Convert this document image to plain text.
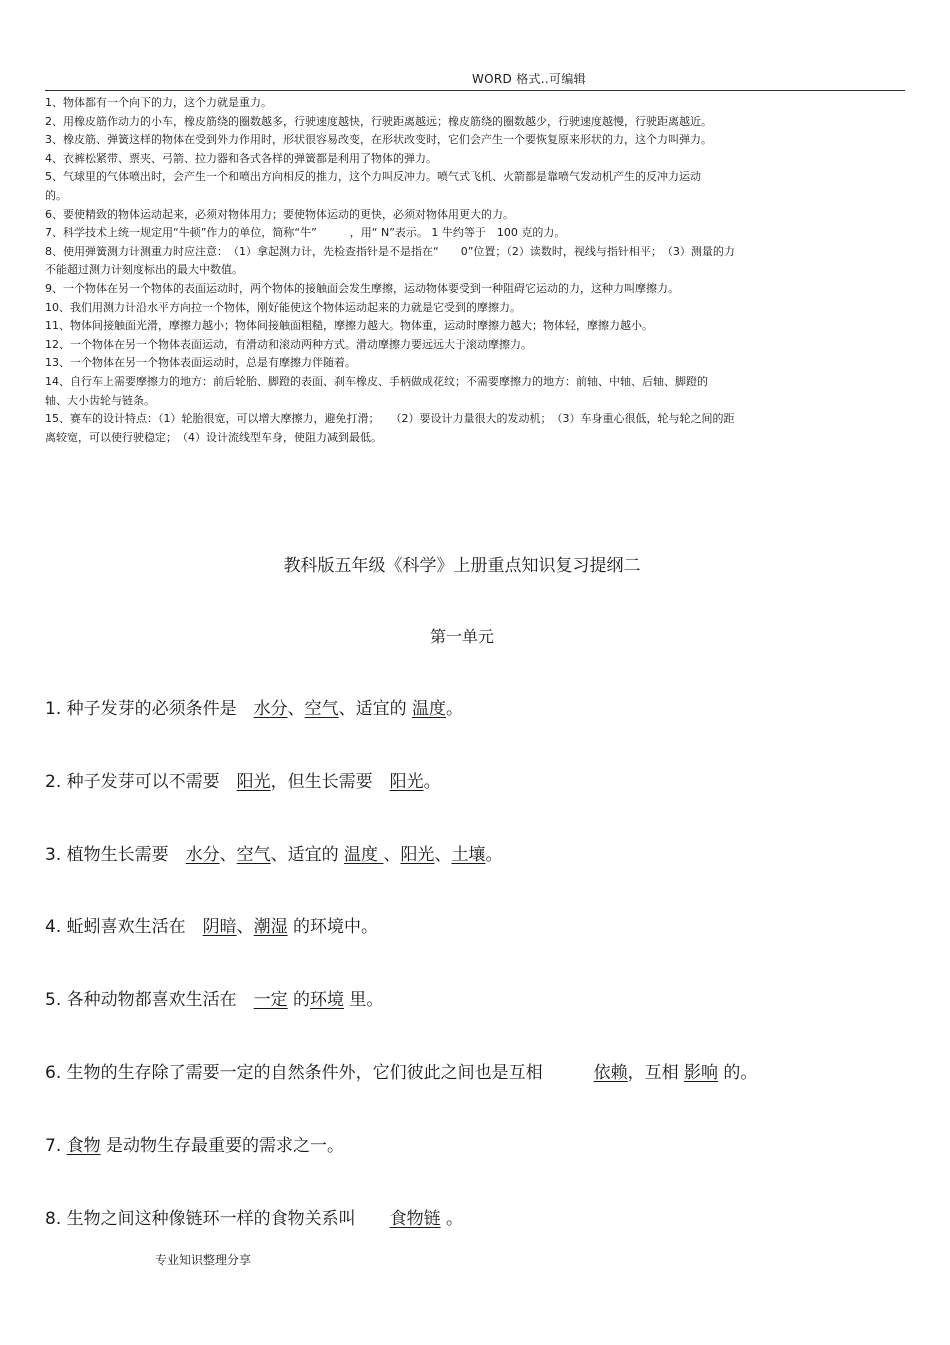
WORD 格式..可编辑
1、物体都有一个向下的力，这个力就是重力。
2、用橡皮筋作动力的小车，橡皮筋绕的圈数越多，行驶速度越快，行驶距离越远；橡皮筋绕的圈数越少，行驶速度越慢，行驶距离越近。
3、橡皮筋、弹簧这样的物体在受到外力作用时，形状很容易改变，在形状改变时，它们会产生一个要恢复原来形状的力，这个力叫弹力。
4、衣裤松紧带、票夹、弓箭、拉力器和各式各样的弹簧都是利用了物体的弹力。
5、气球里的气体喷出时，会产生一个和喷出方向相反的推力，这个力叫反冲力。喷气式飞机、火箭都是靠喷气发动机产生的反冲力运动
的。
6、要使精致的物体运动起来，必须对物体用力；要使物体运动的更快，必须对物体用更大的力。
7、科学技术上统一规定用“牛顿”作力的单位，简称“牛”　　　，用“ N”表示。 1 牛约等于　100 克的力。
8、使用弹簧测力计测重力时应注意：　（1）拿起测力计，先检查指针是不是指在“　　0”位置；（2）读数时，视线与指针相平；　（3）测量的力
不能超过测力计刻度标出的最大中数值。
9、一个物体在另一个物体的表面运动时，两个物体的接触面会发生摩擦，运动物体要受到一种阻碍它运动的力，这种力叫摩擦力。
10、我们用测力计沿水平方向拉一个物体，刚好能使这个物体运动起来的力就是它受到的摩擦力。
11、物体间接触面光滑，摩擦力越小；物体间接触面粗糙，摩擦力越大。物体重，运动时摩擦力越大；物体轻，摩擦力越小。
12、一个物体在另一个物体表面运动，有滑动和滚动两种方式。滑动摩擦力要远远大于滚动摩擦力。
13、一个物体在另一个物体表面运动时，总是有摩擦力伴随着。
14、自行车上需要摩擦力的地方：前后轮胎、脚蹬的表面、刹车橡皮、手柄做成花纹；不需要摩擦力的地方：前轴、中轴、后轴、脚蹬的
轴、大小齿轮与链条。
15、赛车的设计特点：（1）轮胎很宽，可以增大摩擦力，避免打滑；　　（2）要设计力量很大的发动机；　（3）车身重心很低，轮与轮之间的距
离较宽，可以使行驶稳定；　（4）设计流线型车身，使阻力减到最低。
教科版五年级《科学》上册重点知识复习提纲二
第一单元
1. 种子发芽的必须条件是　水分、空气、适宜的 温度。
2. 种子发芽可以不需要　阳光，但生长需要　阳光。
3. 植物生长需要　水分、空气、适宜的 温度 、阳光、土壤。
4. 蚯蚓喜欢生活在　阴暗、潮湿 的环境中。
5. 各种动物都喜欢生活在　一定 的环境 里。
6. 生物的生存除了需要一定的自然条件外，它们彼此之间也是互相　　　依赖，互相 影响 的。
7. 食物 是动物生存最重要的需求之一。
8. 生物之间这种像链环一样的食物关系叫　　食物链 。
专业知识整理分享
